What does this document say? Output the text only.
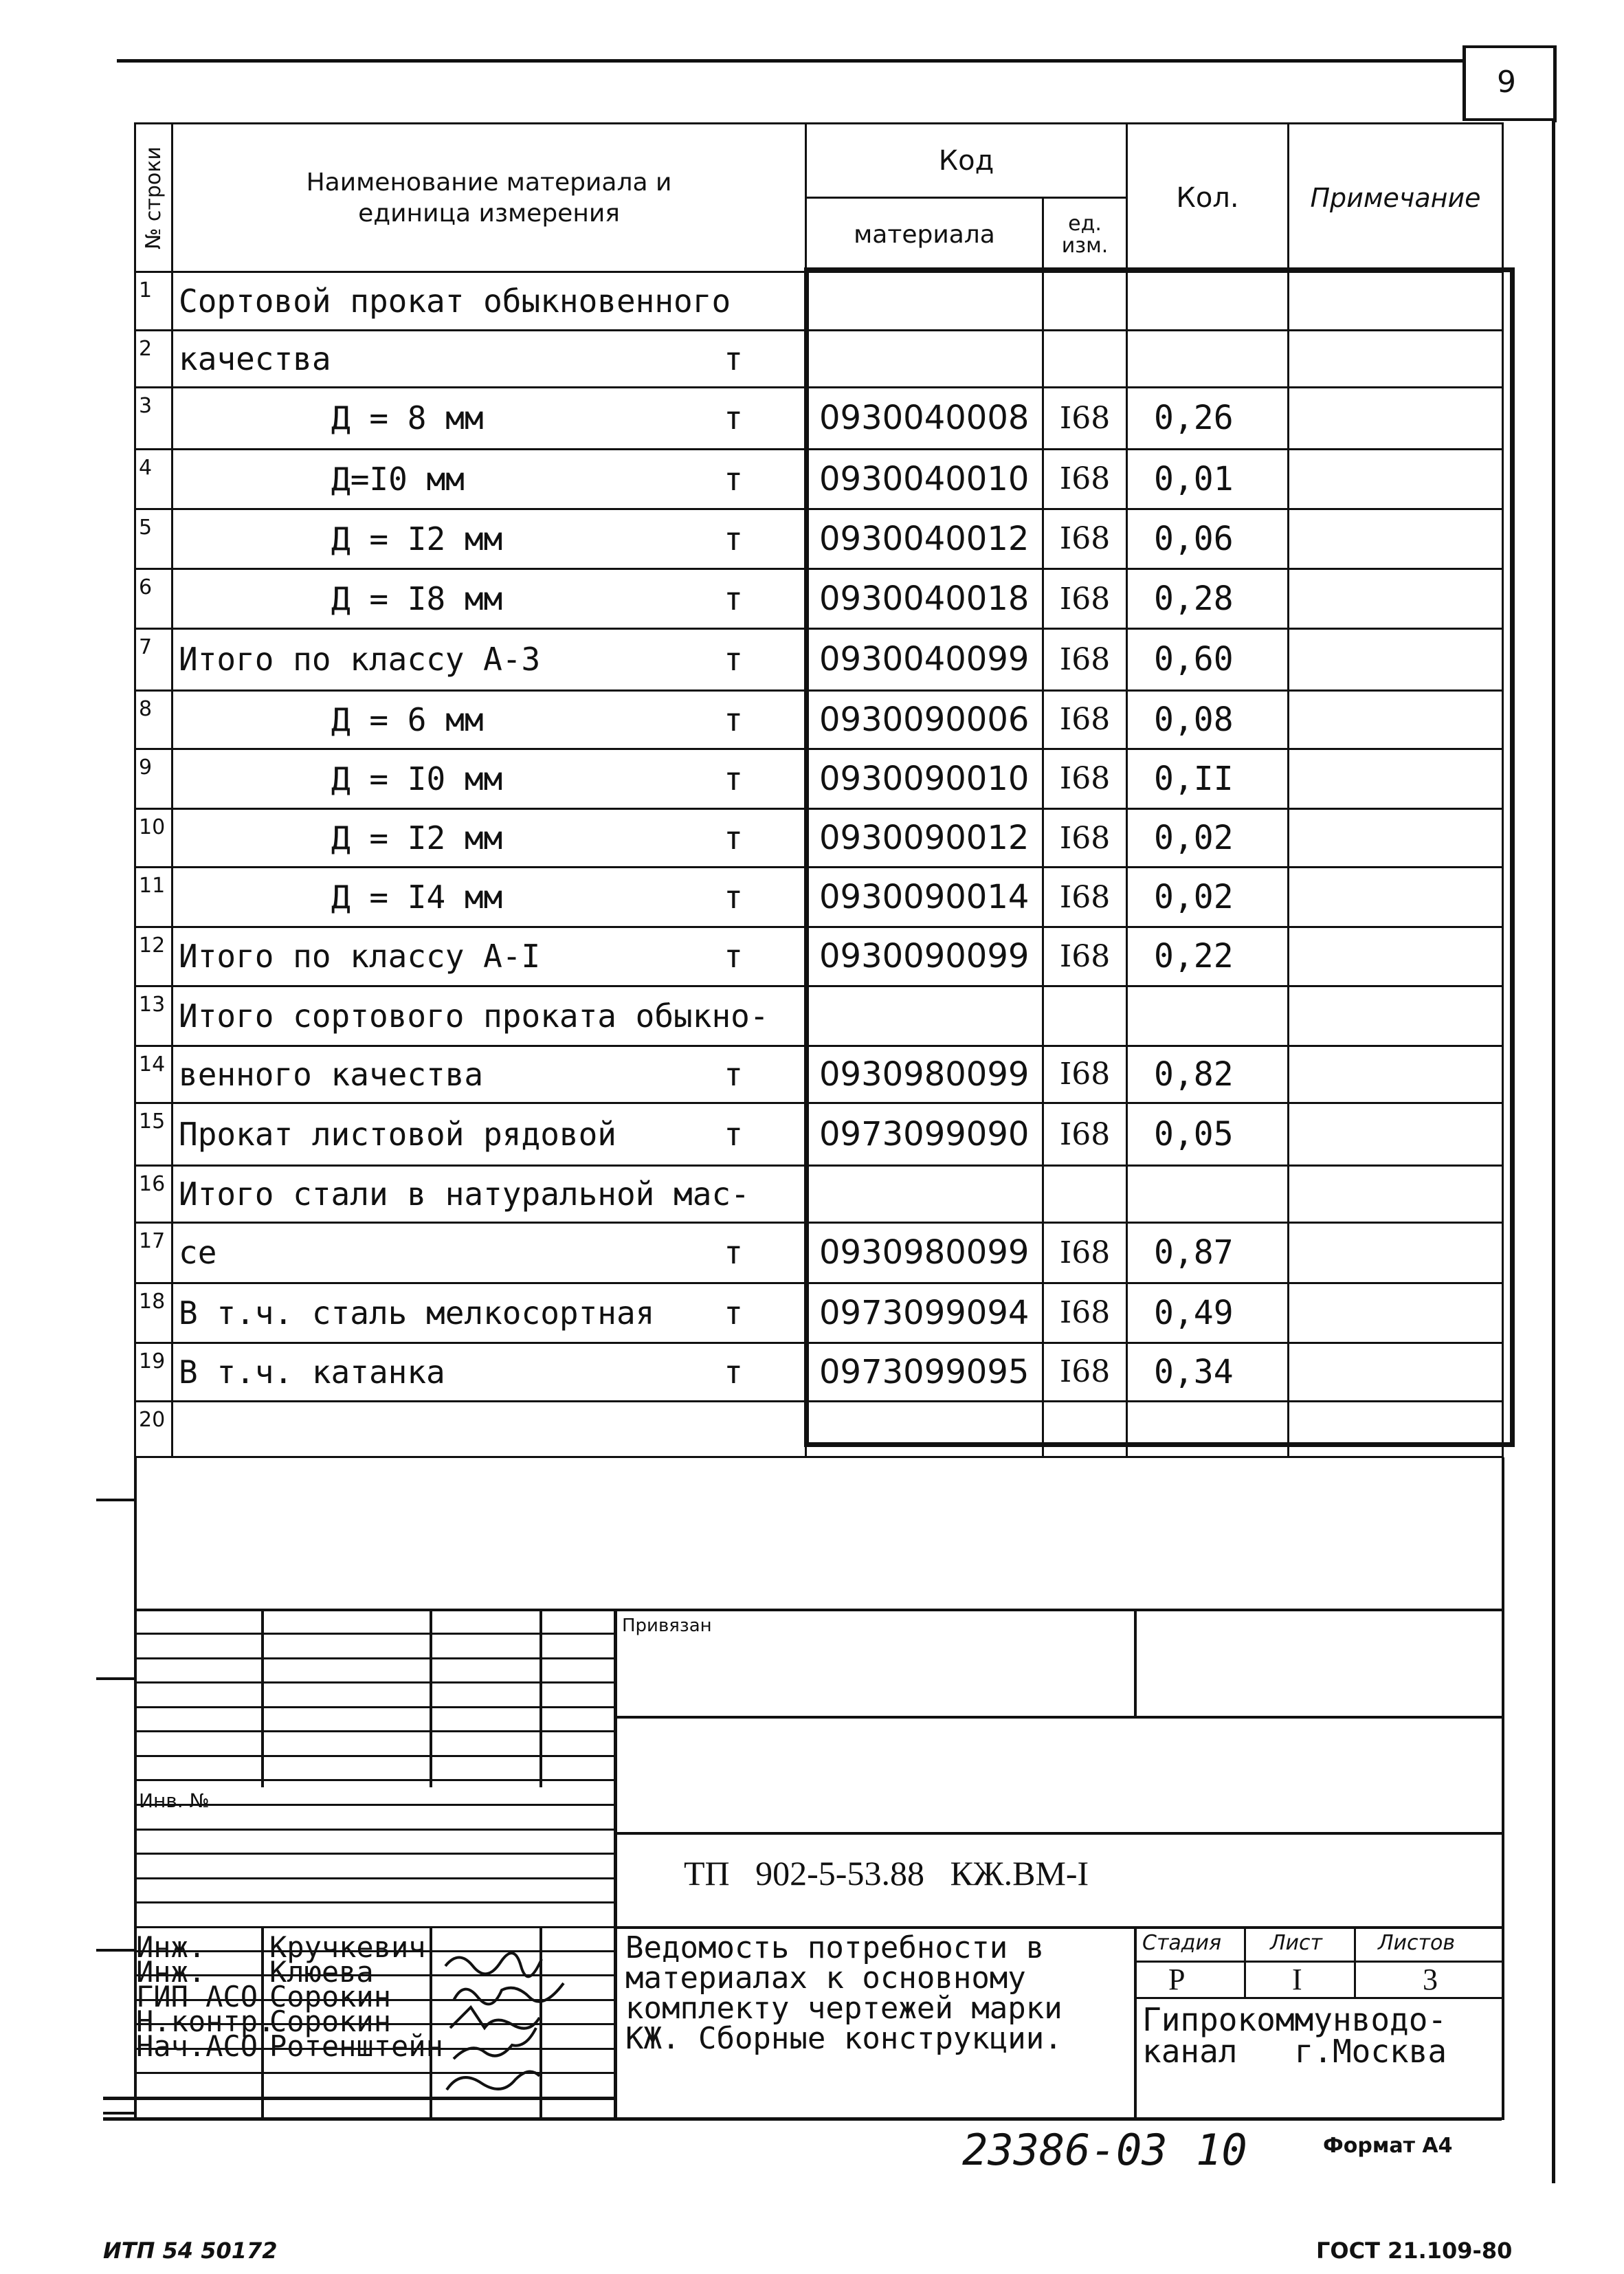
9
№ строки	Наименование материала и единица измерения	Код		Кол.	Примечание
		материала	ед. изм.		
1	Сортовой прокат обыкновенного				

2	качества т				

3	Д = 8 мм т	0930040008	I68	0,26	
4	Д=I0 мм т	0930040010	I68	0,01	
5	Д = I2 мм т	0930040012	I68	0,06	
6	Д = I8 мм т	0930040018	I68	0,28	
7	Итого по классу А-3 т	0930040099	I68	0,60	
8	Д = 6 мм т	0930090006	I68	0,08	
9	Д = I0 мм т	0930090010	I68	0,II	
10	Д = I2 мм т	0930090012	I68	0,02	
11	Д = I4 мм т	0930090014	I68	0,02	
12	Итого по классу А-I т	0930090099	I68	0,22	
13	Итого сортового проката обыкно-				

14	венного качества т	0930980099	I68	0,82	
15	Прокат листовой рядовой т	0973099090	I68	0,05	
16	Итого стали в натуральной мас-				

17	се т	0930980099	I68	0,87	
18	В т.ч. сталь мелкосортная т	0973099094	I68	0,49	
19	В т.ч. катанка т	0973099095	I68	0,34	
20	

Привязан
Инв. №
ТП   902-5-53.88   КЖ.ВМ-I
Ведомость потребности в
материалах к основному
комплекту чертежей марки
КЖ. Сборные конструкции.
Стадия Лист	Листов
Р	I	3
Гипрокоммунводо-
канал   г.Москва
Инж. Кручкевич
Инж. Клюева
ГИП АСО Сорокин
Н.контр.
Сорокин
Нач.АСО Ротенштейн
23386-03 10	Формат А4
ИТП 54 50172	ГОСТ 21.109-80
